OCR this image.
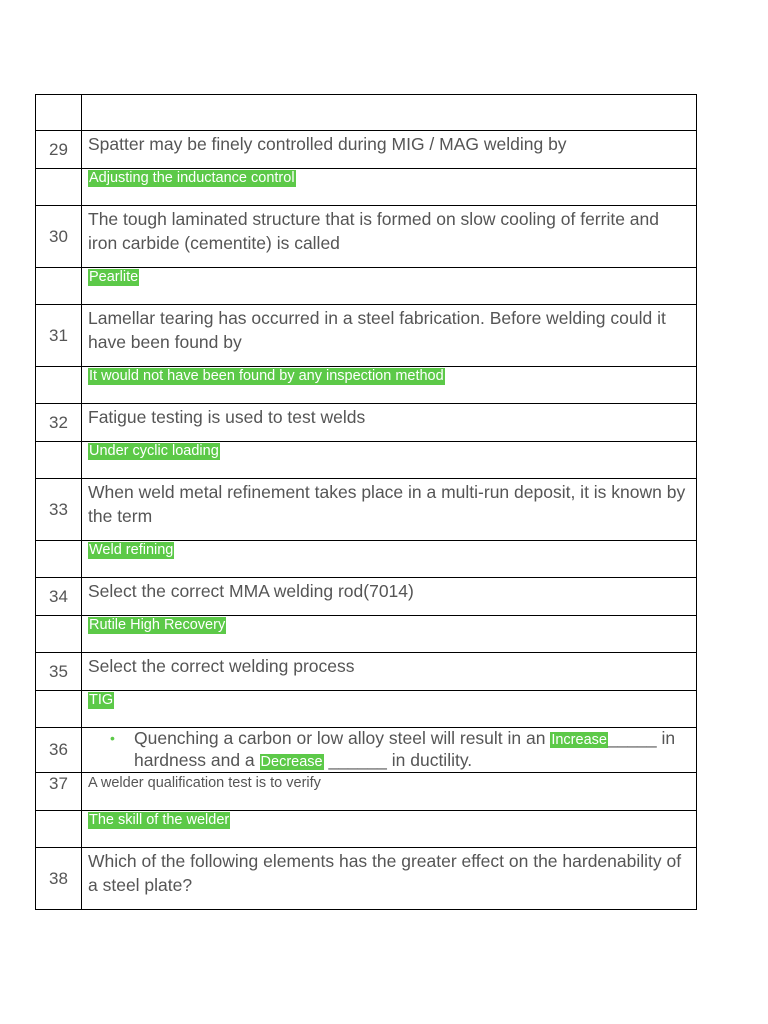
29	Spatter may be finely controlled during MIG / MAG welding by

	Adjusting the inductance control
30	The tough laminated structure that is formed on slow cooling of ferrite and iron carbide (cementite) is called

	Pearlite
31	Lamellar tearing has occurred in a steel fabrication. Before welding could it have been found by

	It would not have been found by any inspection method
32	Fatigue testing is used to test welds

	Under cyclic loading
33	When weld metal refinement takes place in a multi-run deposit, it is known by the term

	Weld refining
34	Select the correct MMA welding rod(7014)

	Rutile High Recovery
35	Select the correct welding process

	TIG
36	• Quenching a carbon or low alloy steel will result in an Increase_____ in hardness and a Decrease ______ in ductility.

37	A welder qualification test is to verify

	The skill of the welder
38	Which of the following elements has the greater effect on the hardenability of a steel plate?
